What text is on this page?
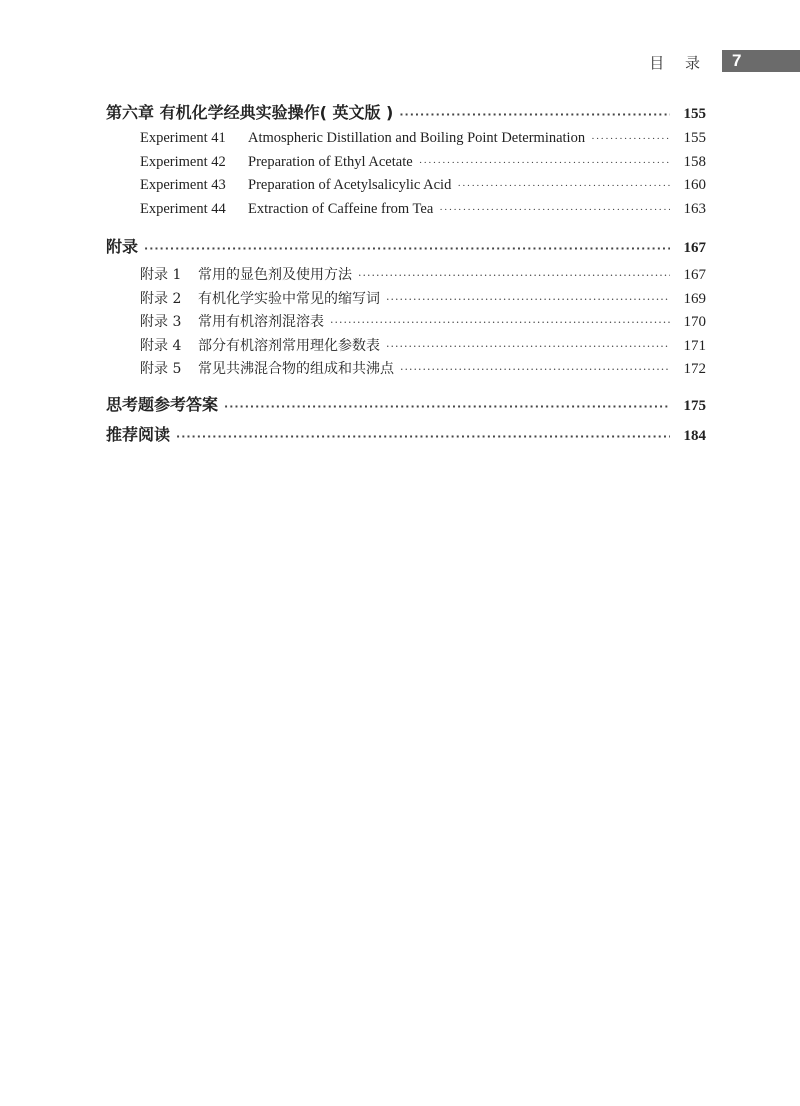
目 录 7
第六章 有机化学经典实验操作( 英文版 ) ·····	155
Experiment 41 Atmospheric Distillation and Boiling Point Determination ·····	155
Experiment 42 Preparation of Ethyl Acetate ·····	158
Experiment 43 Preparation of Acetylsalicylic Acid ·····	160
Experiment 44 Extraction of Caffeine from Tea ·····	163
附录 ·····	167
附录 1 常用的显色剂及使用方法 ·····	167
附录 2 有机化学实验中常见的缩写词 ·····	169
附录 3 常用有机溶剂混溶表 ·····	170
附录 4 部分有机溶剂常用理化参数表 ·····	171
附录 5 常见共沸混合物的组成和共沸点 ·····	172
思考题参考答案 ·····	175
推荐阅读 ·····	184
